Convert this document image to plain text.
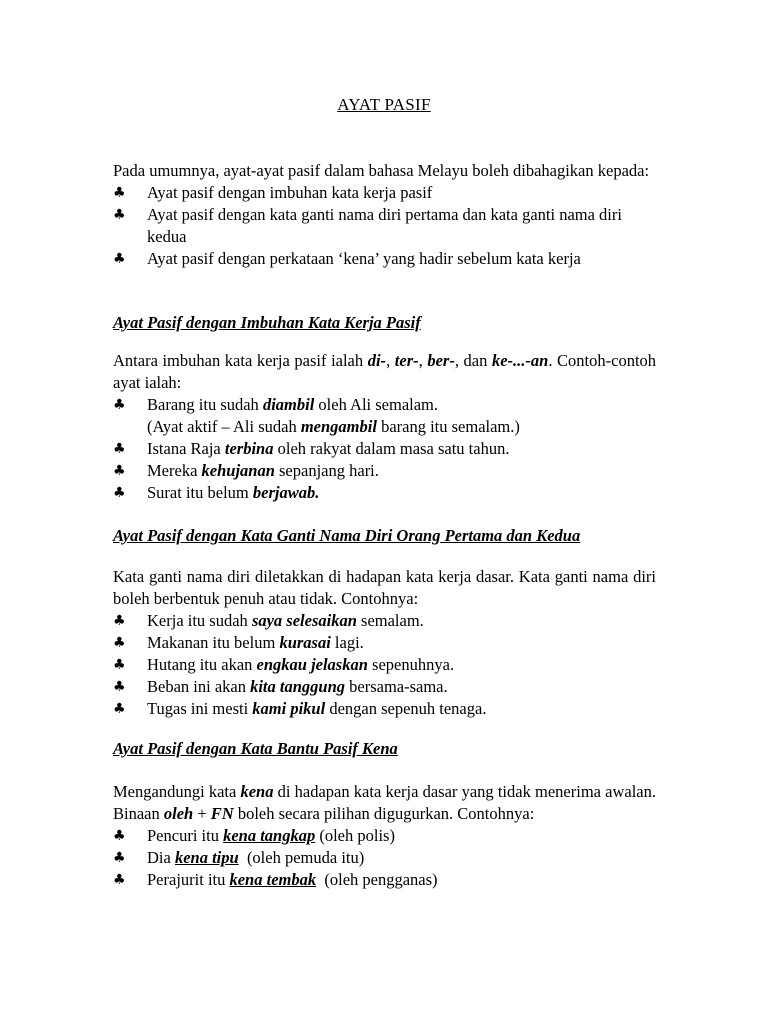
AYAT PASIF

Pada umumnya, ayat-ayat pasif dalam bahasa Melayu boleh dibahagikan kepada:

♣ Ayat pasif dengan imbuhan kata kerja pasif
♣ Ayat pasif dengan kata ganti nama diri pertama dan kata ganti nama diri kedua
♣ Ayat pasif dengan perkataan ‘kena’ yang hadir sebelum kata kerja

Ayat Pasif dengan Imbuhan Kata Kerja Pasif

Antara imbuhan kata kerja pasif ialah di-, ter-, ber-, dan ke-...-an. Contoh-contoh ayat ialah:

♣ Barang itu sudah diambil oleh Ali semalam.
(Ayat aktif – Ali sudah mengambil barang itu semalam.)
♣ Istana Raja terbina oleh rakyat dalam masa satu tahun.
♣ Mereka kehujanan sepanjang hari.
♣ Surat itu belum berjawab.

Ayat Pasif dengan Kata Ganti Nama Diri Orang Pertama dan Kedua

Kata ganti nama diri diletakkan di hadapan kata kerja dasar. Kata ganti nama diri boleh berbentuk penuh atau tidak. Contohnya:

♣ Kerja itu sudah saya selesaikan semalam.
♣ Makanan itu belum kurasai lagi.
♣ Hutang itu akan engkau jelaskan sepenuhnya.
♣ Beban ini akan kita tanggung bersama-sama.
♣ Tugas ini mesti kami pikul dengan sepenuh tenaga.

Ayat Pasif dengan Kata Bantu Pasif Kena

Mengandungi kata kena di hadapan kata kerja dasar yang tidak menerima awalan. Binaan oleh + FN boleh secara pilihan digugurkan. Contohnya:

♣ Pencuri itu kena tangkap (oleh polis)
♣ Dia kena tipu  (oleh pemuda itu)
♣ Perajurit itu kena tembak  (oleh pengganas)
